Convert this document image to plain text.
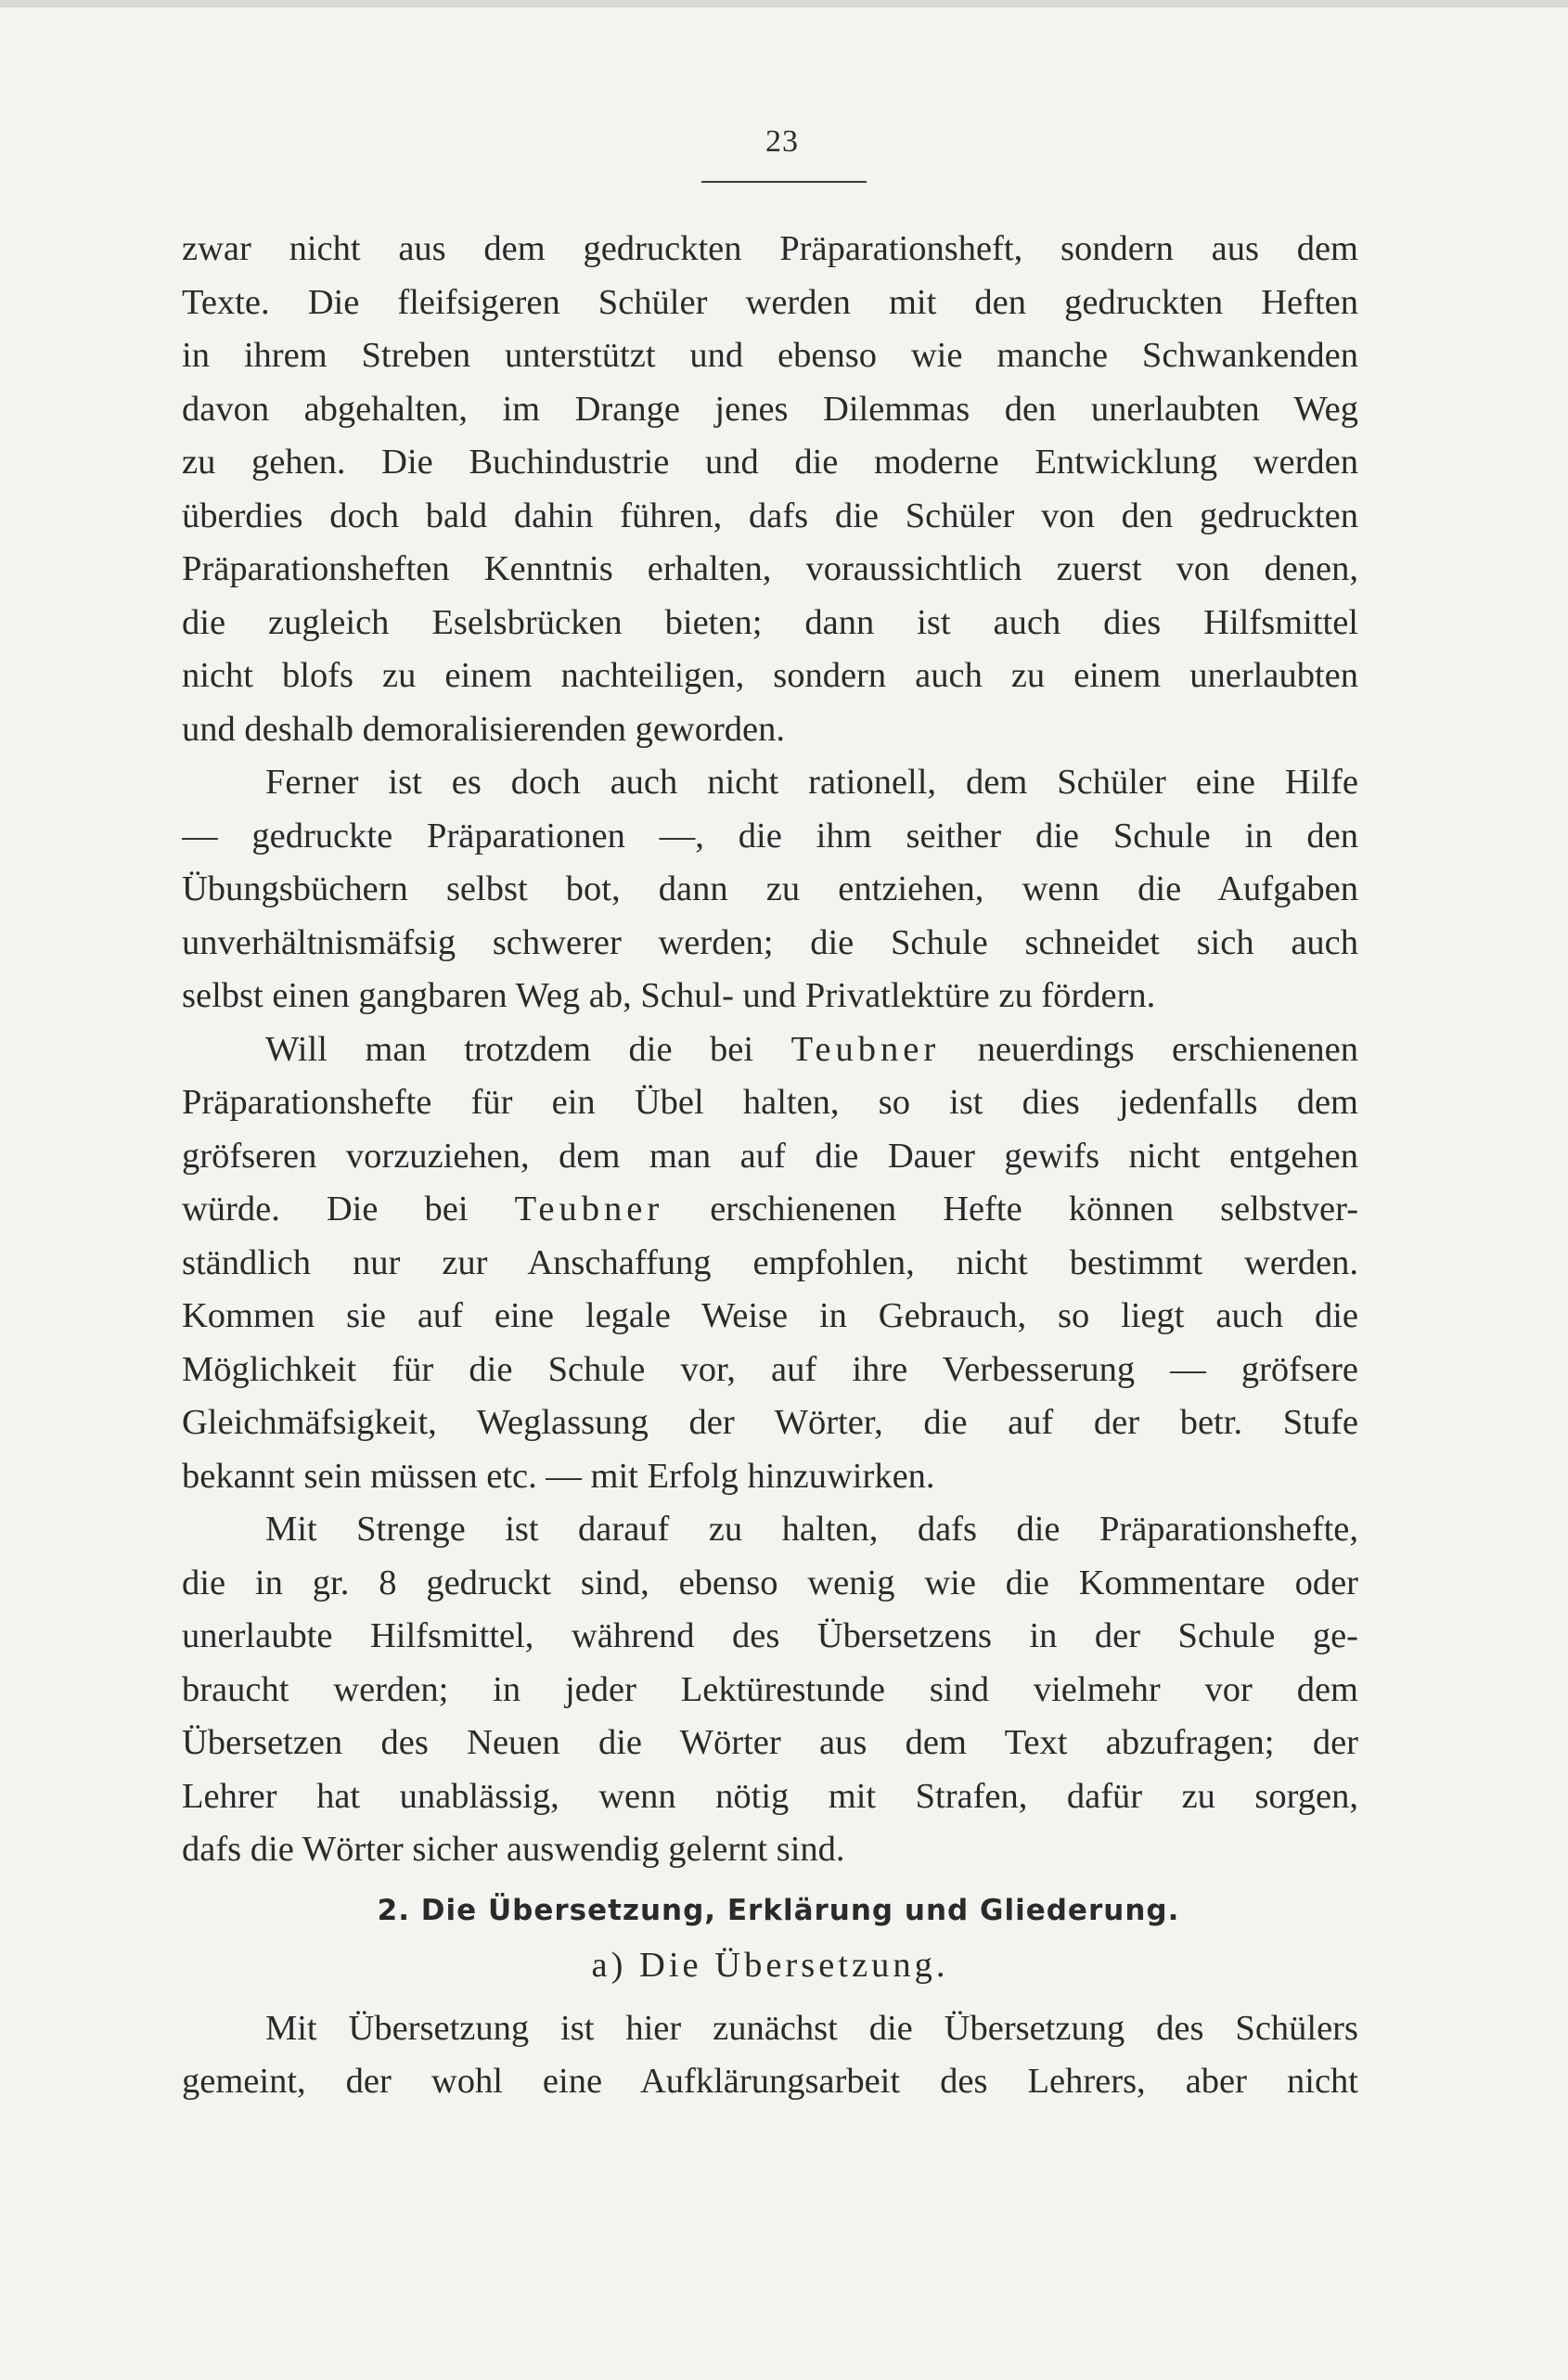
23
zwar nicht aus dem gedruckten Präparationsheft, sondern aus dem
Texte. Die fleifsigeren Schüler werden mit den gedruckten Heften
in ihrem Streben unterstützt und ebenso wie manche Schwankenden
davon abgehalten, im Drange jenes Dilemmas den unerlaubten Weg
zu gehen. Die Buchindustrie und die moderne Entwicklung werden
überdies doch bald dahin führen, dafs die Schüler von den gedruckten
Präparationsheften Kenntnis erhalten, voraussichtlich zuerst von denen,
die zugleich Eselsbrücken bieten; dann ist auch dies Hilfsmittel
nicht blofs zu einem nachteiligen, sondern auch zu einem unerlaubten
und deshalb demoralisierenden geworden.
Ferner ist es doch auch nicht rationell, dem Schüler eine Hilfe
— gedruckte Präparationen —, die ihm seither die Schule in den
Übungsbüchern selbst bot, dann zu entziehen, wenn die Aufgaben
unverhältnismäfsig schwerer werden; die Schule schneidet sich auch
selbst einen gangbaren Weg ab, Schul- und Privatlektüre zu fördern.
Will man trotzdem die bei Teubner neuerdings erschienenen
Präparationshefte für ein Übel halten, so ist dies jedenfalls dem
gröfseren vorzuziehen, dem man auf die Dauer gewifs nicht entgehen
würde. Die bei Teubner erschienenen Hefte können selbstver-
ständlich nur zur Anschaffung empfohlen, nicht bestimmt werden.
Kommen sie auf eine legale Weise in Gebrauch, so liegt auch die
Möglichkeit für die Schule vor, auf ihre Verbesserung — gröfsere
Gleichmäfsigkeit, Weglassung der Wörter, die auf der betr. Stufe
bekannt sein müssen etc. — mit Erfolg hinzuwirken.
Mit Strenge ist darauf zu halten, dafs die Präparationshefte,
die in gr. 8 gedruckt sind, ebenso wenig wie die Kommentare oder
unerlaubte Hilfsmittel, während des Übersetzens in der Schule ge-
braucht werden; in jeder Lektürestunde sind vielmehr vor dem
Übersetzen des Neuen die Wörter aus dem Text abzufragen; der
Lehrer hat unablässig, wenn nötig mit Strafen, dafür zu sorgen,
dafs die Wörter sicher auswendig gelernt sind.
2. Die Übersetzung, Erklärung und Gliederung.
a) Die Übersetzung.
Mit Übersetzung ist hier zunächst die Übersetzung des Schülers
gemeint, der wohl eine Aufklärungsarbeit des Lehrers, aber nicht
